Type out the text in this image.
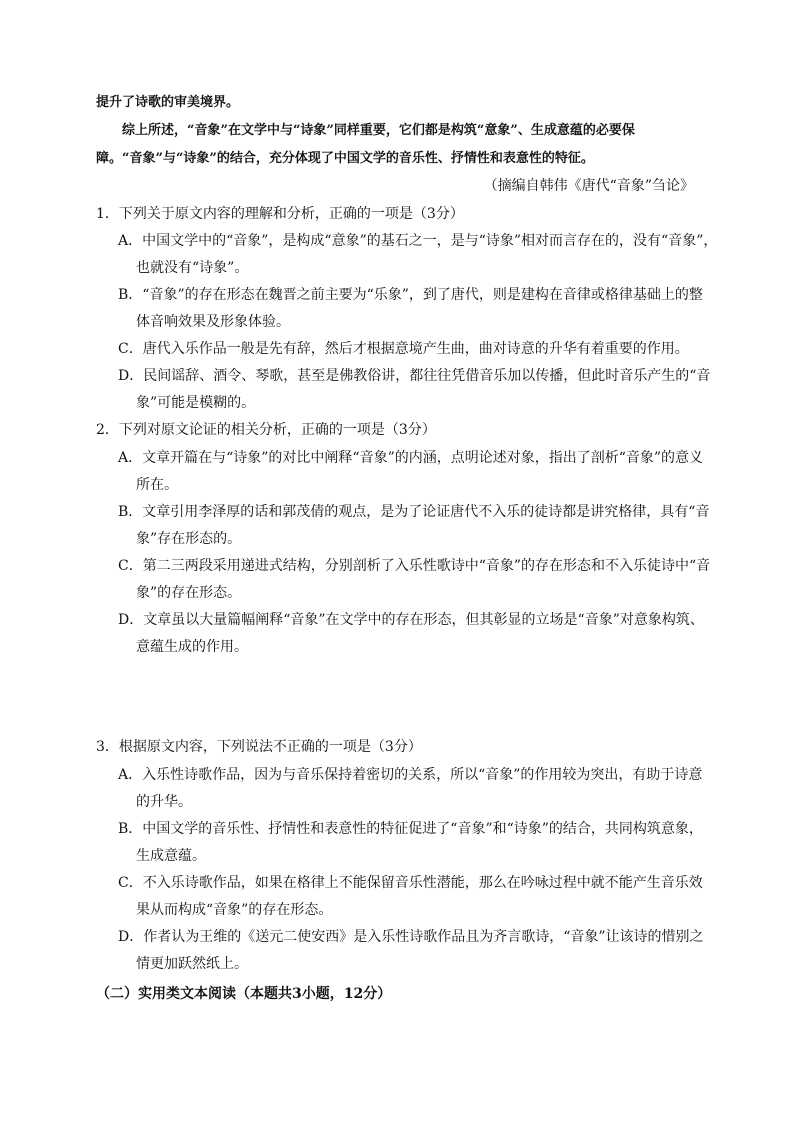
提升了诗歌的审美境界。
综上所述，“音象”在文学中与“诗象”同样重要，它们都是构筑“意象”、生成意蕴的必要保
障。“音象”与“诗象”的结合，充分体现了中国文学的音乐性、抒情性和表意性的特征。
（摘编自韩伟《唐代“音象”刍论》
1．下列关于原文内容的理解和分析，正确的一项是（3分）
A．中国文学中的“音象”，是构成“意象”的基石之一，是与“诗象”相对而言存在的，没有“音象”，
也就没有“诗象”。
B．“音象”的存在形态在魏晋之前主要为“乐象”，到了唐代，则是建构在音律或格律基础上的整
体音响效果及形象体验。
C．唐代入乐作品一般是先有辞，然后才根据意境产生曲，曲对诗意的升华有着重要的作用。
D．民间谣辞、酒令、琴歌，甚至是佛教俗讲，都往往凭借音乐加以传播，但此时音乐产生的“音
象”可能是模糊的。
2．下列对原文论证的相关分析，正确的一项是（3分）
A．文章开篇在与“诗象”的对比中阐释“音象”的内涵，点明论述对象，指出了剖析“音象”的意义
所在。
B．文章引用李泽厚的话和郭茂倩的观点，是为了论证唐代不入乐的徒诗都是讲究格律，具有“音
象”存在形态的。
C．第二三两段采用递进式结构，分别剖析了入乐性歌诗中“音象”的存在形态和不入乐徒诗中“音
象”的存在形态。
D．文章虽以大量篇幅阐释“音象”在文学中的存在形态，但其彰显的立场是“音象”对意象构筑、
意蕴生成的作用。
3．根据原文内容，下列说法不正确的一项是（3分）
A．入乐性诗歌作品，因为与音乐保持着密切的关系，所以“音象”的作用较为突出，有助于诗意
的升华。
B．中国文学的音乐性、抒情性和表意性的特征促进了“音象”和“诗象”的结合，共同构筑意象，
生成意蕴。
C．不入乐诗歌作品，如果在格律上不能保留音乐性潜能，那么在吟咏过程中就不能产生音乐效
果从而构成“音象”的存在形态。
D．作者认为王维的《送元二使安西》是入乐性诗歌作品且为齐言歌诗，“音象”让该诗的惜别之
情更加跃然纸上。
（二）实用类文本阅读（本题共3小题，12分）
